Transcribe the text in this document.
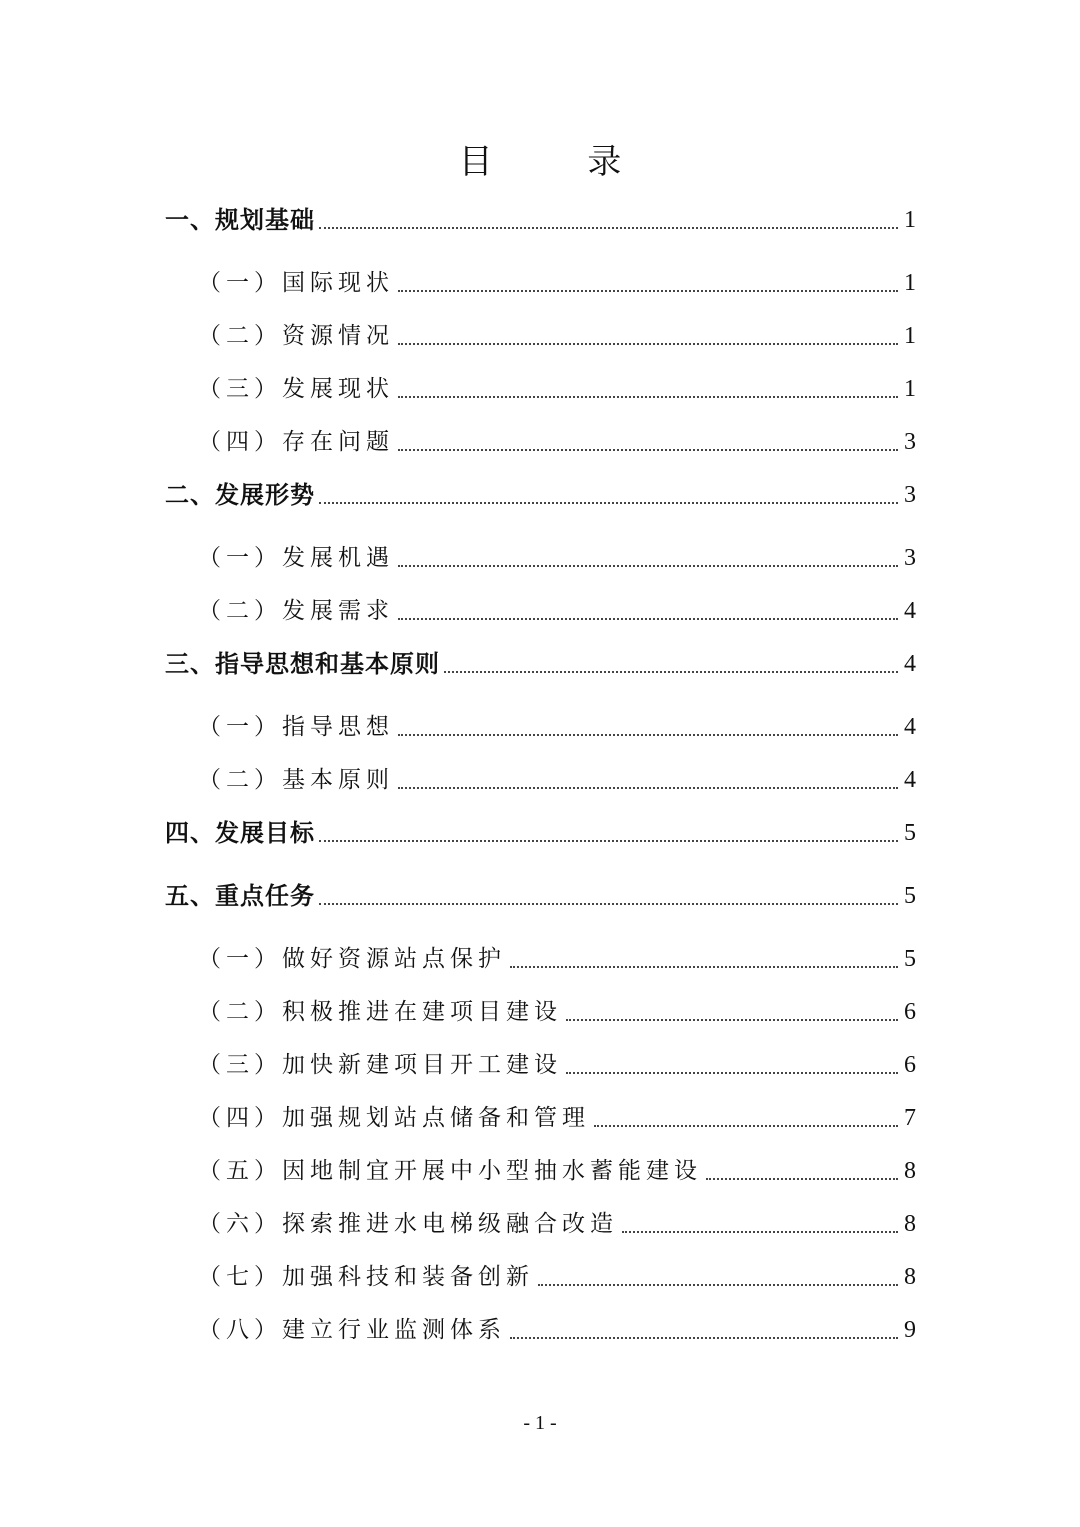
目 录
一、规划基础	1
（一）国际现状	1
（二）资源情况	1
（三）发展现状	1
（四）存在问题	3
二、发展形势	3
（一）发展机遇	3
（二）发展需求	4
三、指导思想和基本原则	4
（一）指导思想	4
（二）基本原则	4
四、发展目标	5
五、重点任务	5
（一）做好资源站点保护	5
（二）积极推进在建项目建设	6
（三）加快新建项目开工建设	6
（四）加强规划站点储备和管理	7
（五）因地制宜开展中小型抽水蓄能建设	8
（六）探索推进水电梯级融合改造	8
（七）加强科技和装备创新	8
（八）建立行业监测体系	9
- 1 -
